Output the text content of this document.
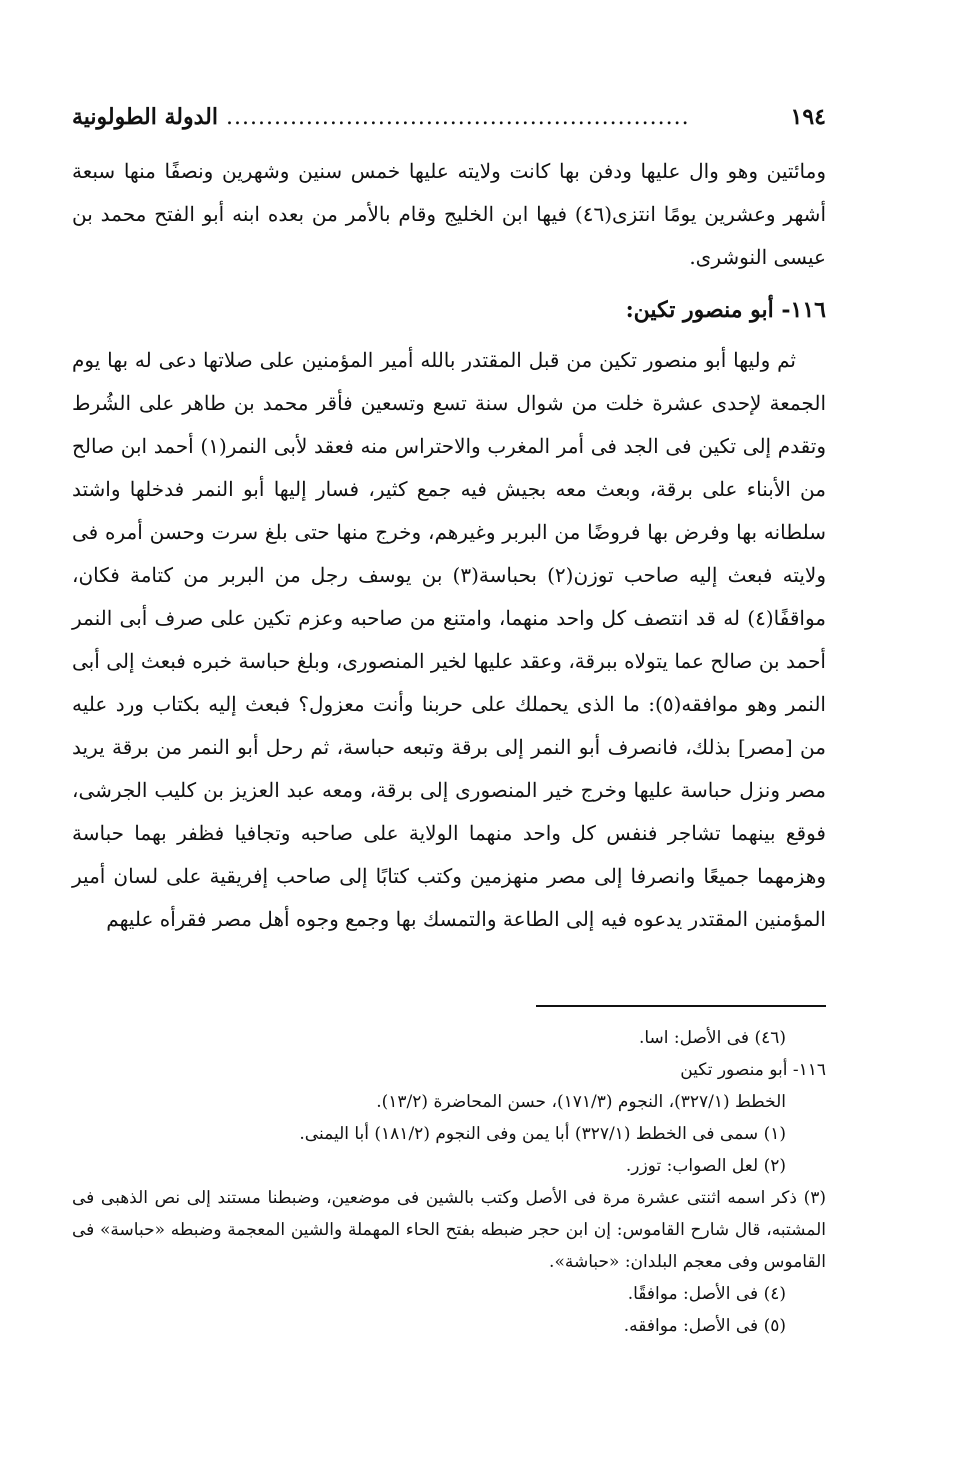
١٩٤
..........................................................
الدولة الطولونية

ومائتين وهو وال عليها ودفن بها كانت ولايته عليها خمس سنين وشهرين ونصفًا منها سبعة أشهر وعشرين يومًا انتزى(٤٦) فيها ابن الخليج وقام بالأمر من بعده ابنه أبو الفتح محمد بن عيسى النوشرى.

١١٦- أبو منصور تكين:

ثم وليها أبو منصور تكين من قبل المقتدر بالله أمير المؤمنين على صلاتها دعى له بها يوم الجمعة لإحدى عشرة خلت من شوال سنة تسع وتسعين فأقر محمد بن طاهر على الشُرط وتقدم إلى تكين فى الجد فى أمر المغرب والاحتراس منه فعقد لأبى النمر(١) أحمد ابن صالح من الأبناء على برقة، وبعث معه بجيش فيه جمع كثير، فسار إليها أبو النمر فدخلها واشتد سلطانه بها وفرض بها فروضًا من البربر وغيرهم، وخرج منها حتى بلغ سرت وحسن أمره فى ولايته فبعث إليه صاحب توزن(٢) بحباسة(٣) بن يوسف رجل من البربر من كتامة فكان، مواقفًا(٤) له قد انتصف كل واحد منهما، وامتنع من صاحبه وعزم تكين على صرف أبى النمر أحمد بن صالح عما يتولاه ببرقة، وعقد عليها لخير المنصورى، وبلغ حباسة خبره فبعث إلى أبى النمر وهو موافقه(٥): ما الذى يحملك على حربنا وأنت معزول؟ فبعث إليه بكتاب ورد عليه من [مصر] بذلك، فانصرف أبو النمر إلى برقة وتبعه حباسة، ثم رحل أبو النمر من برقة يريد مصر ونزل حباسة عليها وخرج خير المنصورى إلى برقة، ومعه عبد العزيز بن كليب الجرشى، فوقع بينهما تشاجر فنفس كل واحد منهما الولاية على صاحبه وتجافيا فظفر بهما حباسة وهزمهما جميعًا وانصرفا إلى مصر منهزمين وكتب كتابًا إلى صاحب إفريقية على لسان أمير المؤمنين المقتدر يدعوه فيه إلى الطاعة والتمسك بها وجمع وجوه أهل مصر فقرأه عليهم

(٤٦) فى الأصل: اسا.

١١٦- أبو منصور تكين

الخطط (٣٢٧/١)، النجوم (١٧١/٣)، حسن المحاضرة (١٣/٢).

(١) سمى فى الخطط (٣٢٧/١) أبا يمن وفى النجوم (١٨١/٢) أبا اليمنى.

(٢) لعل الصواب: توزر.

(٣) ذكر اسمه اثنتى عشرة مرة فى الأصل وكتب بالشين فى موضعين، وضبطنا مستند إلى نص الذهبى فى المشتبه، قال شارح القاموس: إن ابن حجر ضبطه بفتح الحاء المهملة والشين المعجمة وضبطه «حباسة» فى القاموس وفى معجم البلدان: «حباشة».

(٤) فى الأصل: موافقًا.

(٥) فى الأصل: موافقه.
